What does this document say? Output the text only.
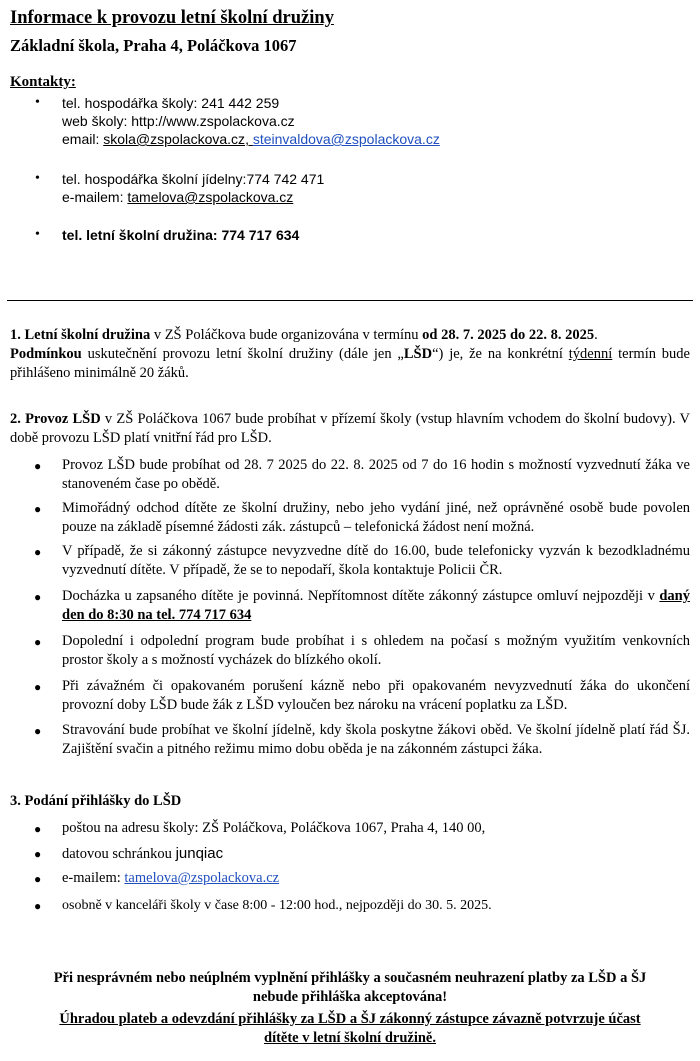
Informace k provozu letní školní družiny
Základní škola, Praha 4, Poláčkova 1067
Kontakty:
• tel. hospodářka školy: 241 442 259
web školy: http://www.zspolackova.cz
email: skola@zspolackova.cz, steinvaldova@zspolackova.cz
• tel. hospodářka školní jídelny:774 742 471
e-mailem: tamelova@zspolackova.cz
• tel. letní školní družina: 774 717 634
1. Letní školní družina v ZŠ Poláčkova bude organizována v termínu od 28. 7. 2025 do 22. 8. 2025.
Podmínkou uskutečnění provozu letní školní družiny (dále jen „LŠD“) je, že na konkrétní týdenní termín bude přihlášeno minimálně 20 žáků.
2. Provoz LŠD v ZŠ Poláčkova 1067 bude probíhat v přízemí školy (vstup hlavním vchodem do školní budovy). V době provozu LŠD platí vnitřní řád pro LŠD.
● Provoz LŠD bude probíhat od 28. 7 2025 do 22. 8. 2025 od 7 do 16 hodin s možností vyzvednutí žáka ve stanoveném čase po obědě.
● Mimořádný odchod dítěte ze školní družiny, nebo jeho vydání jiné, než oprávněné osobě bude povolen pouze na základě písemné žádosti zák. zástupců – telefonická žádost není možná.
● V případě, že si zákonný zástupce nevyzvedne dítě do 16.00, bude telefonicky vyzván k bezodkladnému vyzvednutí dítěte. V případě, že se to nepodaří, škola kontaktuje Policii ČR.
● Docházka u zapsaného dítěte je povinná. Nepřítomnost dítěte zákonný zástupce omluví nejpozději v daný den do 8:30 na tel. 774 717 634
● Dopolední i odpolední program bude probíhat i s ohledem na počasí s možným využitím venkovních prostor školy a s možností vycházek do blízkého okolí.
● Při závažném či opakovaném porušení kázně nebo při opakovaném nevyzvednutí žáka do ukončení provozní doby LŠD bude žák z LŠD vyloučen bez nároku na vrácení poplatku za LŠD.
● Stravování bude probíhat ve školní jídelně, kdy škola poskytne žákovi oběd. Ve školní jídelně platí řád ŠJ. Zajištění svačin a pitného režimu mimo dobu oběda je na zákonném zástupci žáka.
3. Podání přihlášky do LŠD
● poštou na adresu školy: ZŠ Poláčkova, Poláčkova 1067, Praha 4, 140 00,
● datovou schránkou junqiac
● e-mailem: tamelova@zspolackova.cz
● osobně v kanceláři školy v čase 8:00 - 12:00 hod., nejpozději do 30. 5. 2025.
Při nesprávném nebo neúplném vyplnění přihlášky a současném neuhrazení platby za LŠD a ŠJ
nebude přihláška akceptována!
Úhradou plateb a odevzdání přihlášky za LŠD a ŠJ zákonný zástupce závazně potvrzuje účast
dítěte v letní školní družině.
